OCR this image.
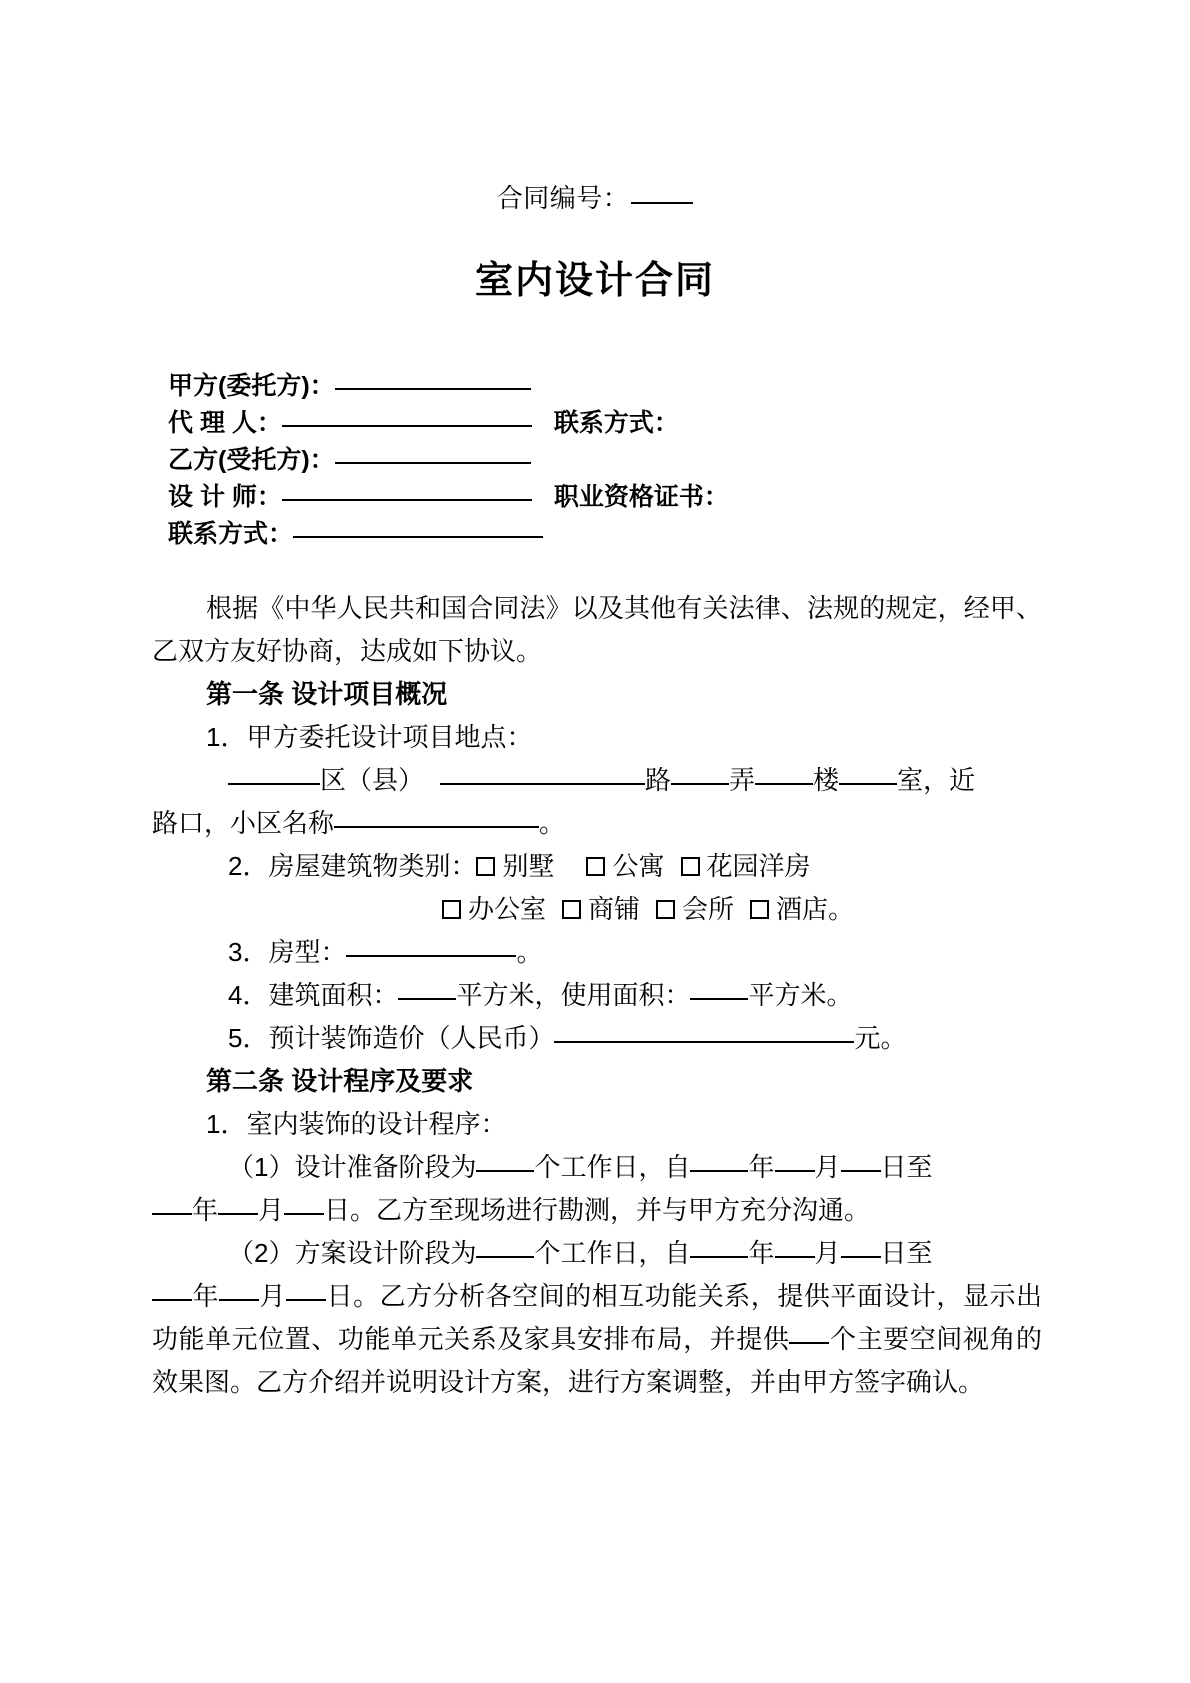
合同编号：
室内设计合同
甲方(委托方)：
代 理 人：	联系方式：
乙方(受托方)：
设 计 师：	职业资格证书：
联系方式：

根据《中华人民共和国合同法》以及其他有关法律、法规的规定，经甲、乙双方友好协商，达成如下协议。

第一条 设计项目概况

1．甲方委托设计项目地点：

区（县）	路 弄 楼 室，近

路口，小区名称	。

2．房屋建筑物类别： 别墅 公寓 花园洋房

办公室 商铺 会所 酒店。

3．房型：	。

4．建筑面积： 平方米，使用面积： 平方米。

5．预计装饰造价（人民币）	元。

第二条 设计程序及要求

1．室内装饰的设计程序：

（1）设计准备阶段为 个工作日，自 年 月 日至

年 月 日。乙方至现场进行勘测，并与甲方充分沟通。

（2）方案设计阶段为 个工作日，自 年 月 日至

年 月 日。乙方分析各空间的相互功能关系，提供平面设计，显示出功能单元位置、功能单元关系及家具安排布局，并提供 个主要空间视角的效果图。乙方介绍并说明设计方案，进行方案调整，并由甲方签字确认。
